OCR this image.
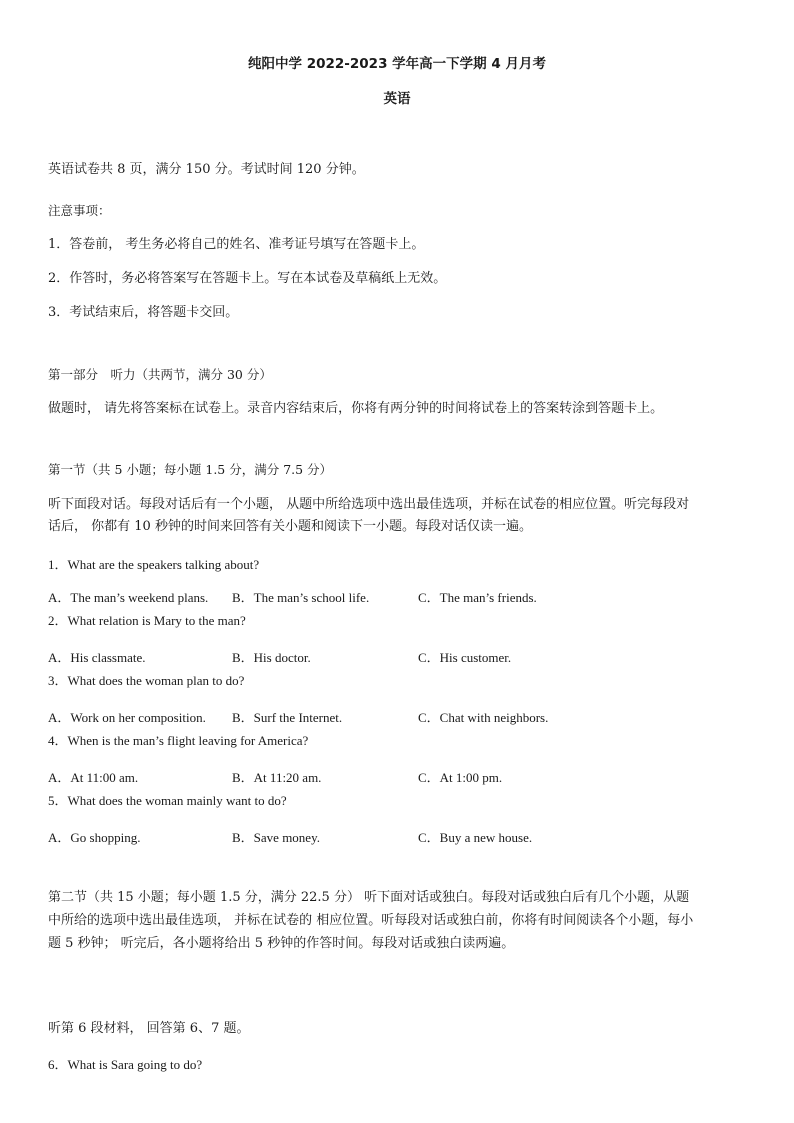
纯阳中学 2022-2023 学年高一下学期 4 月月考
英语
英语试卷共 8 页，满分 150 分。考试时间 120 分钟。
注意事项：
1．答卷前， 考生务必将自己的姓名、准考证号填写在答题卡上。
2．作答时，务必将答案写在答题卡上。写在本试卷及草稿纸上无效。
3．考试结束后，将答题卡交回。
第一部分　听力（共两节，满分 30 分）
做题时， 请先将答案标在试卷上。录音内容结束后，你将有两分钟的时间将试卷上的答案转涂到答题卡上。
第一节（共 5 小题；每小题 1.5 分，满分 7.5 分）
听下面段对话。每段对话后有一个小题， 从题中所给选项中选出最佳选项，并标在试卷的相应位置。听完每段对
话后， 你都有 10 秒钟的时间来回答有关小题和阅读下一小题。每段对话仅读一遍。
1．What are the speakers talking about?
A．The man’s weekend plans. B．The man’s school life.	C．The man’s friends.
2．What relation is Mary to the man?
A．His classmate.	B．His doctor.	C．His customer.
3．What does the woman plan to do?
A．Work on her composition. B．Surf the Internet.	C．Chat with neighbors.
4．When is the man’s flight leaving for America?
A．At 11:00 am.	B．At 11:20 am.	C．At 1:00 pm.
5．What does the woman mainly want to do?
A．Go shopping.	B．Save money.	C．Buy a new house.
第二节（共 15 小题；每小题 1.5 分，满分 22.5 分） 听下面对话或独白。每段对话或独白后有几个小题，从题
中所给的选项中选出最佳选项， 并标在试卷的 相应位置。听每段对话或独白前，你将有时间阅读各个小题，每小
题 5 秒钟； 听完后，各小题将给出 5 秒钟的作答时间。每段对话或独白读两遍。
听第 6 段材料， 回答第 6、7 题。
6．What is Sara going to do?
